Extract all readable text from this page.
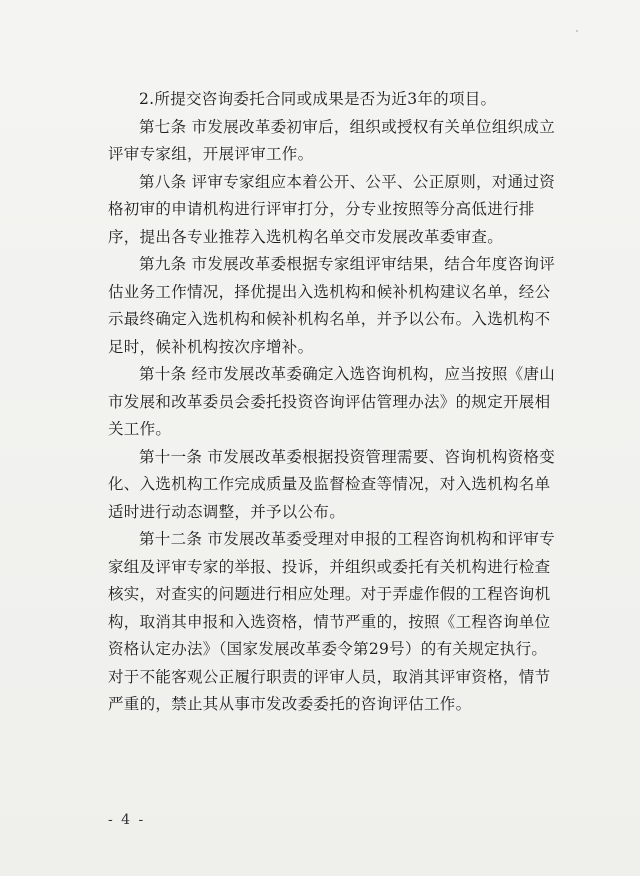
2.所提交咨询委托合同或成果是否为近3年的项目。

第七条 市发展改革委初审后，组织或授权有关单位组织成立评审专家组，开展评审工作。

第八条 评审专家组应本着公开、公平、公正原则，对通过资格初审的申请机构进行评审打分，分专业按照等分高低进行排序，提出各专业推荐入选机构名单交市发展改革委审查。

第九条 市发展改革委根据专家组评审结果，结合年度咨询评估业务工作情况，择优提出入选机构和候补机构建议名单，经公示最终确定入选机构和候补机构名单，并予以公布。入选机构不足时，候补机构按次序增补。

第十条 经市发展改革委确定入选咨询机构，应当按照《唐山市发展和改革委员会委托投资咨询评估管理办法》的规定开展相关工作。

第十一条 市发展改革委根据投资管理需要、咨询机构资格变化、入选机构工作完成质量及监督检查等情况，对入选机构名单适时进行动态调整，并予以公布。

第十二条 市发展改革委受理对申报的工程咨询机构和评审专家组及评审专家的举报、投诉，并组织或委托有关机构进行检查核实，对查实的问题进行相应处理。对于弄虚作假的工程咨询机构，取消其申报和入选资格，情节严重的，按照《工程咨询单位资格认定办法》（国家发展改革委令第29号）的有关规定执行。对于不能客观公正履行职责的评审人员，取消其评审资格，情节严重的，禁止其从事市发改委委托的咨询评估工作。

- 4 -
